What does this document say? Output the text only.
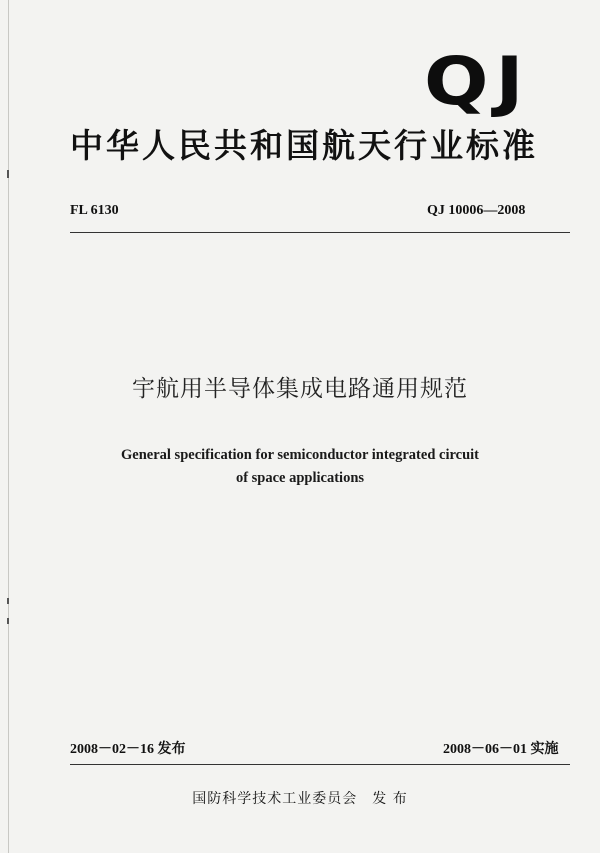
QJ
中华人民共和国航天行业标准
FL 6130	QJ 10006—2008
宇航用半导体集成电路通用规范
General specification for semiconductor integrated circuit
of space applications
2008－02－16 发布	2008－06－01 实施
国防科学技术工业委员会　发 布
